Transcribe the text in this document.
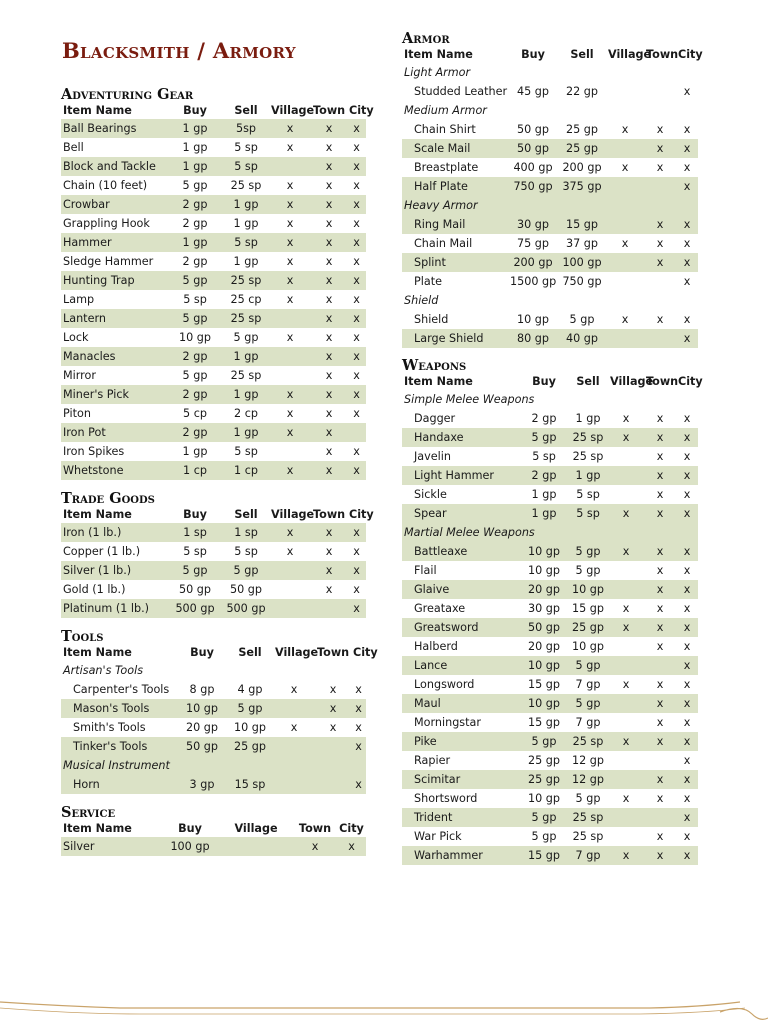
Blacksmith / Armory
Adventuring Gear
Item Name	Buy	Sell	Village	Town	City
Ball Bearings	1 gp	5sp	x	x	x
Bell	1 gp	5 sp	x	x	x
Block and Tackle	1 gp	5 sp		x	x
Chain (10 feet)	5 gp	25 sp	x	x	x
Crowbar	2 gp	1 gp	x	x	x
Grappling Hook	2 gp	1 gp	x	x	x
Hammer	1 gp	5 sp	x	x	x
Sledge Hammer	2 gp	1 gp	x	x	x
Hunting Trap	5 gp	25 sp	x	x	x
Lamp	5 sp	25 cp	x	x	x
Lantern	5 gp	25 sp		x	x
Lock	10 gp	5 gp	x	x	x
Manacles	2 gp	1 gp		x	x
Mirror	5 gp	25 sp		x	x
Miner's Pick	2 gp	1 gp	x	x	x
Piton	5 cp	2 cp	x	x	x
Iron Pot	2 gp	1 gp	x	x	
Iron Spikes	1 gp	5 sp		x	x
Whetstone	1 cp	1 cp	x	x	x
Trade Goods
Item Name	Buy	Sell	Village	Town	City
Iron (1 lb.)	1 sp	1 sp	x	x	x
Copper (1 lb.)	5 sp	5 sp	x	x	x
Silver (1 lb.)	5 gp	5 gp		x	x
Gold (1 lb.)	50 gp	50 gp		x	x
Platinum (1 lb.)	500 gp	500 gp			x
Tools
Item Name	Buy	Sell	Village	Town	City
Artisan's Tools					
Carpenter's Tools	8 gp	4 gp	x	x	x
Mason's Tools	10 gp	5 gp		x	x
Smith's Tools	20 gp	10 gp	x	x	x
Tinker's Tools	50 gp	25 gp			x
Musical Instrument					
Horn	3 gp	15 sp			x
Service
Item Name	Buy	Village	Town	City
Silver	100 gp		x	x
Armor
Item Name	Buy	Sell	Village	Town	City
Light Armor					
Studded Leather	45 gp	22 gp			x
Medium Armor					
Chain Shirt	50 gp	25 gp	x	x	x
Scale Mail	50 gp	25 gp		x	x
Breastplate	400 gp	200 gp	x	x	x
Half Plate	750 gp	375 gp			x
Heavy Armor					
Ring Mail	30 gp	15 gp		x	x
Chain Mail	75 gp	37 gp	x	x	x
Splint	200 gp	100 gp		x	x
Plate	1500 gp	750 gp			x
Shield					
Shield	10 gp	5 gp	x	x	x
Large Shield	80 gp	40 gp			x
Weapons
Item Name	Buy	Sell	Village	Town	City
Simple Melee Weapons					
Dagger	2 gp	1 gp	x	x	x
Handaxe	5 gp	25 sp	x	x	x
Javelin	5 sp	25 sp		x	x
Light Hammer	2 gp	1 gp		x	x
Sickle	1 gp	5 sp		x	x
Spear	1 gp	5 sp	x	x	x
Martial Melee Weapons					
Battleaxe	10 gp	5 gp	x	x	x
Flail	10 gp	5 gp		x	x
Glaive	20 gp	10 gp		x	x
Greataxe	30 gp	15 gp	x	x	x
Greatsword	50 gp	25 gp	x	x	x
Halberd	20 gp	10 gp		x	x
Lance	10 gp	5 gp			x
Longsword	15 gp	7 gp	x	x	x
Maul	10 gp	5 gp		x	x
Morningstar	15 gp	7 gp		x	x
Pike	5 gp	25 sp	x	x	x
Rapier	25 gp	12 gp			x
Scimitar	25 gp	12 gp		x	x
Shortsword	10 gp	5 gp	x	x	x
Trident	5 gp	25 sp			x
War Pick	5 gp	25 sp		x	x
Warhammer	15 gp	7 gp	x	x	x
